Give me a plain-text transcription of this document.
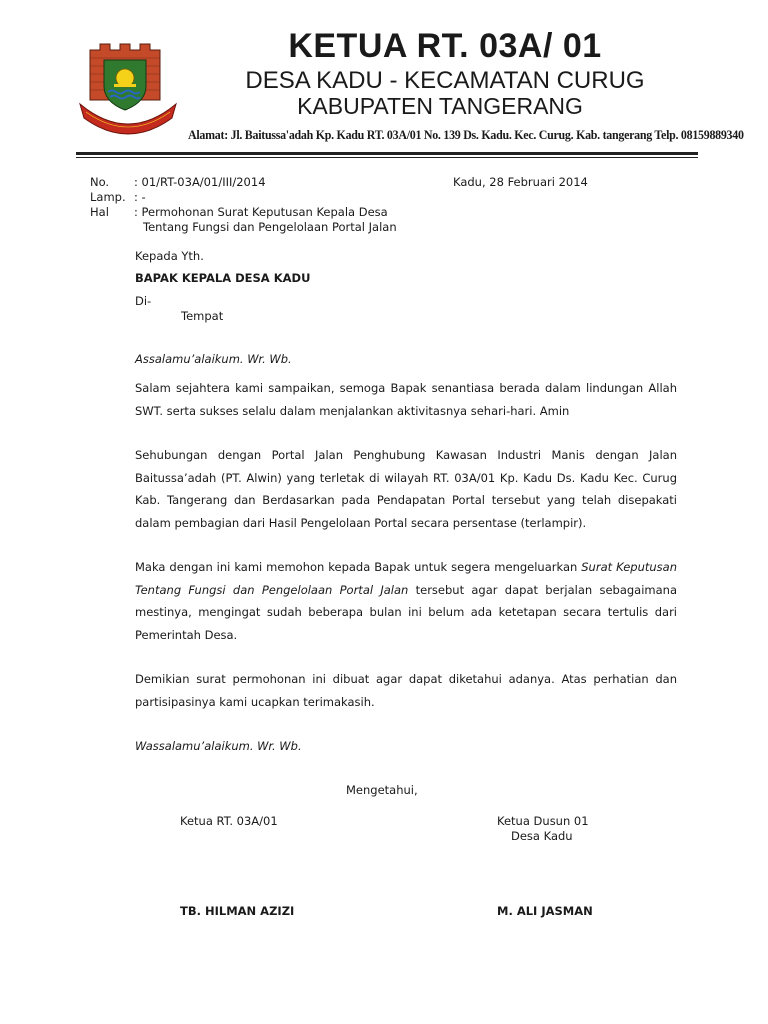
KETUA RT. 03A/ 01
DESA KADU - KECAMATAN CURUG
KABUPATEN TANGERANG
Alamat: Jl. Baitussa'adah Kp. Kadu RT. 03A/01 No. 139 Ds. Kadu. Kec. Curug. Kab. tangerang Telp. 08159889340
No. : 01/RT-03A/01/III/2014	Kadu, 28 Februari 2014
Lamp. : -
Hal : Permohonan Surat Keputusan Kepala Desa
Tentang Fungsi dan Pengelolaan Portal Jalan
Kepada Yth.
BAPAK KEPALA DESA KADU
Di-
Tempat
Assalamu’alaikum. Wr. Wb.
Salam sejahtera kami sampaikan, semoga Bapak senantiasa berada dalam lindungan Allah SWT. serta sukses selalu dalam menjalankan aktivitasnya sehari-hari. Amin
Sehubungan dengan Portal Jalan Penghubung Kawasan Industri Manis dengan Jalan Baitussa’adah (PT. Alwin) yang terletak di wilayah RT. 03A/01 Kp. Kadu Ds. Kadu Kec. Curug Kab. Tangerang dan Berdasarkan pada Pendapatan Portal tersebut yang telah disepakati dalam pembagian dari Hasil Pengelolaan Portal secara persentase (terlampir).
Maka dengan ini kami memohon kepada Bapak untuk segera mengeluarkan Surat Keputusan Tentang Fungsi dan Pengelolaan Portal Jalan tersebut agar dapat berjalan sebagaimana mestinya, mengingat sudah beberapa bulan ini belum ada ketetapan secara tertulis dari Pemerintah Desa.
Demikian surat permohonan ini dibuat agar dapat diketahui adanya. Atas perhatian dan partisipasinya kami ucapkan terimakasih.
Wassalamu’alaikum. Wr. Wb.
Mengetahui,
Ketua RT. 03A/01	Ketua Dusun 01
Desa Kadu
TB. HILMAN AZIZI	M. ALI JASMAN
